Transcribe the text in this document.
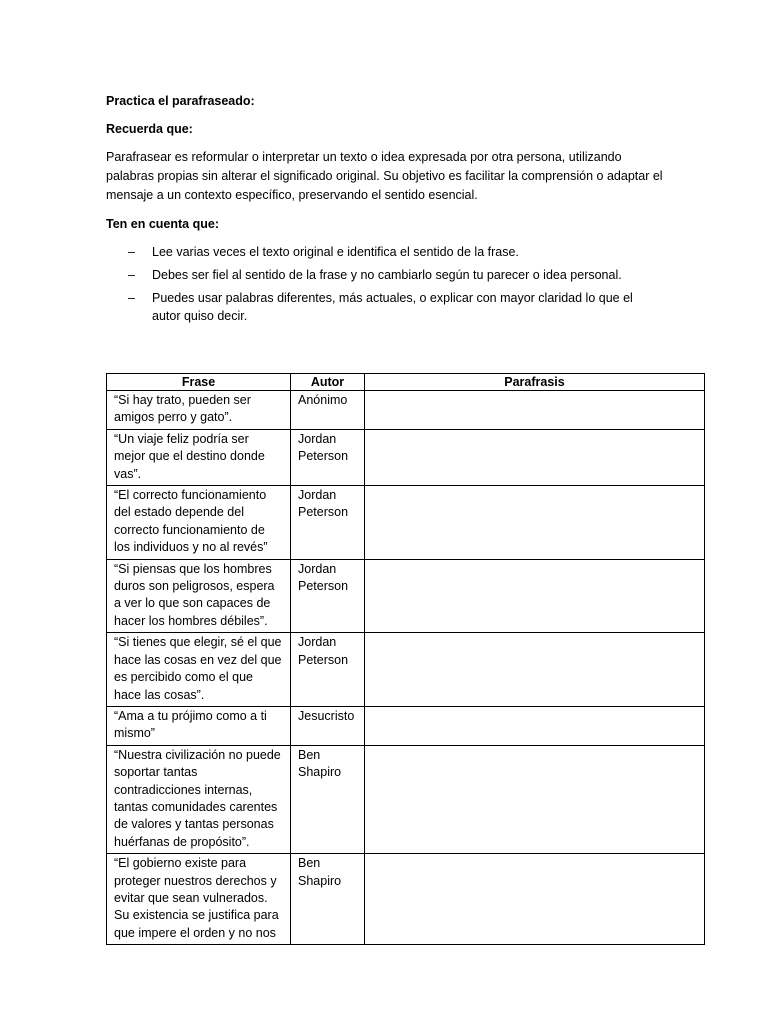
Practica el parafraseado:

Recuerda que:

Parafrasear es reformular o interpretar un texto o idea expresada por otra persona, utilizando palabras propias sin alterar el significado original. Su objetivo es facilitar la comprensión o adaptar el mensaje a un contexto específico, preservando el sentido esencial.

Ten en cuenta que:

– Lee varias veces el texto original e identifica el sentido de la frase.
– Debes ser fiel al sentido de la frase y no cambiarlo según tu parecer o idea personal.
– Puedes usar palabras diferentes, más actuales, o explicar con mayor claridad lo que el autor quiso decir.
Frase	Autor	Parafrasis
“Si hay trato, pueden ser amigos perro y gato”.	Anónimo	
“Un viaje feliz podría ser mejor que el destino donde vas”.	Jordan Peterson	
“El correcto funcionamiento del estado depende del correcto funcionamiento de los individuos y no al revés”	Jordan Peterson	
“Si piensas que los hombres duros son peligrosos, espera a ver lo que son capaces de hacer los hombres débiles”.	Jordan Peterson	
“Si tienes que elegir, sé el que hace las cosas en vez del que es percibido como el que hace las cosas”.	Jordan Peterson	
“Ama a tu prójimo como a ti mismo”	Jesucristo	
“Nuestra civilización no puede soportar tantas contradicciones internas, tantas comunidades carentes de valores y tantas personas huérfanas de propósito”.	Ben Shapiro	

“El gobierno existe para proteger nuestros derechos y evitar que sean vulnerados. Su existencia se justifica para que impere el orden y no nos	Ben Shapiro	
